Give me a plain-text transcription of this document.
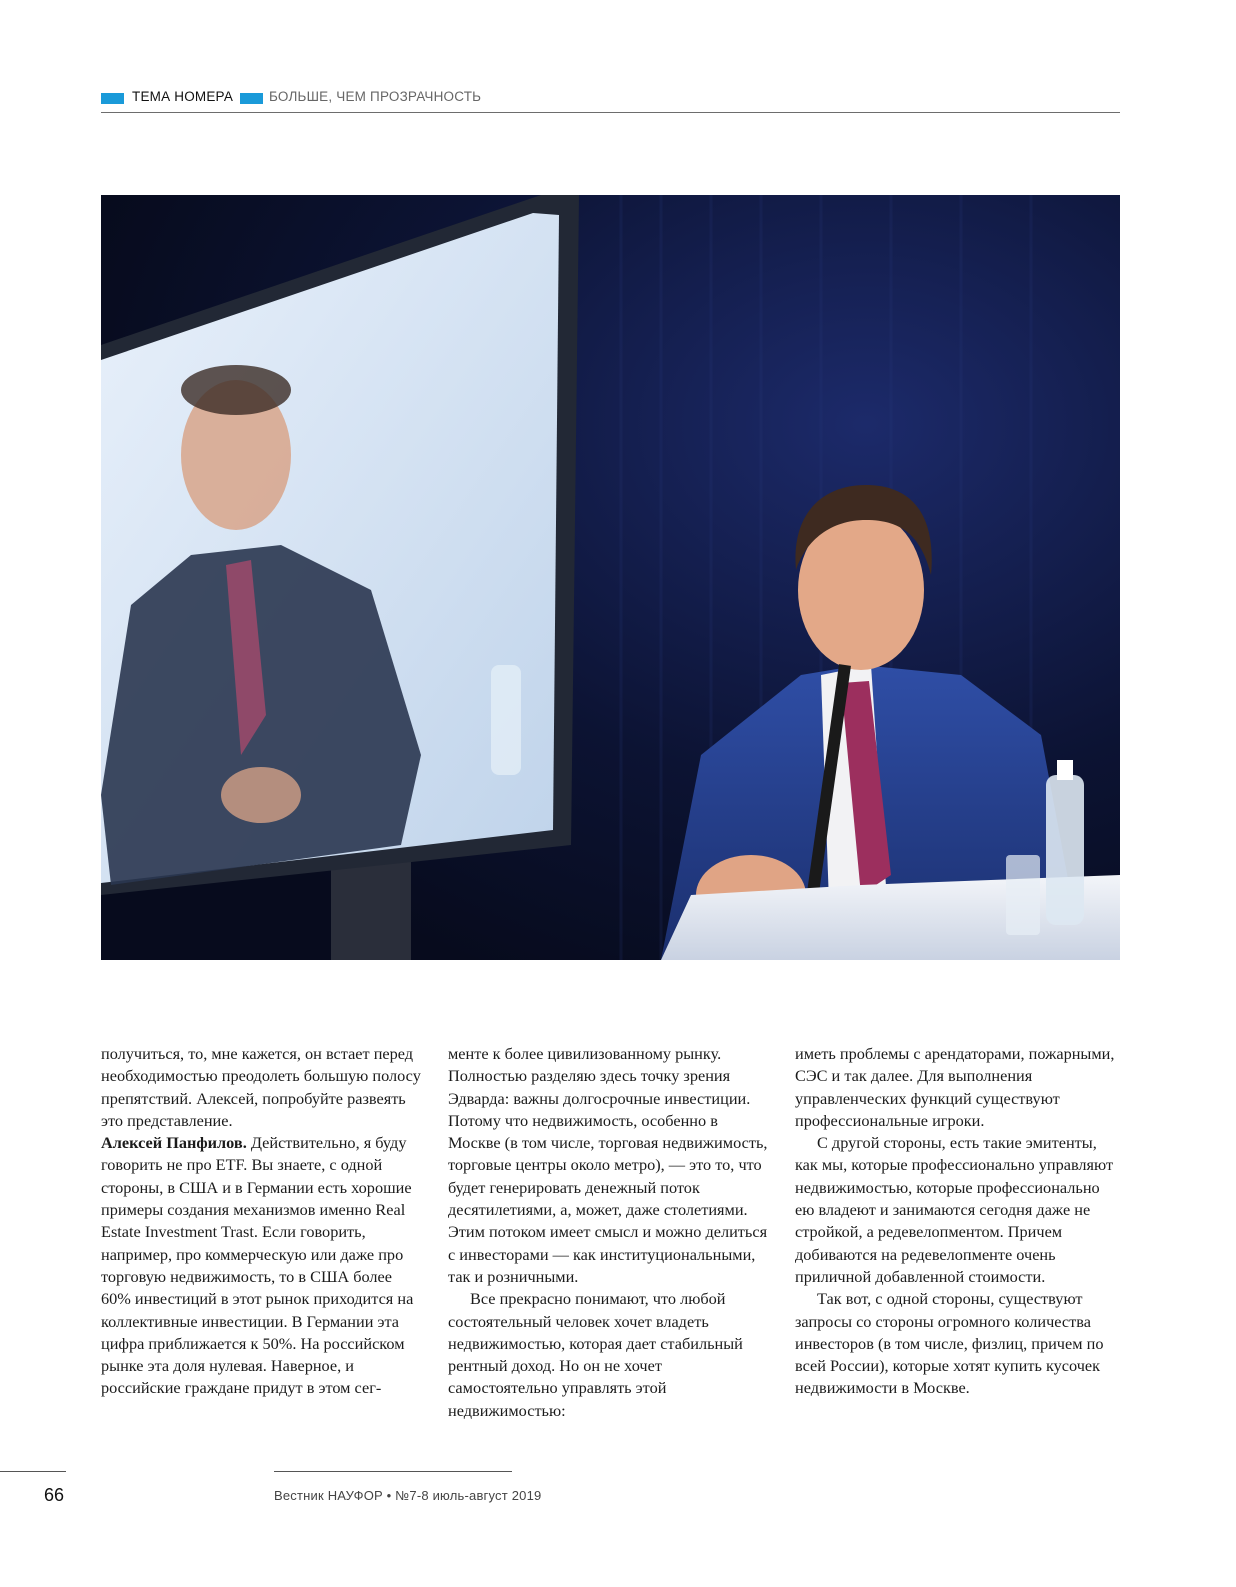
ТЕМА НОМЕРА	БОЛЬШЕ, ЧЕМ ПРОЗРАЧНОСТЬ

получиться, то, мне кажется, он встает перед необходимостью преодолеть большую полосу препятствий. Алексей, попробуйте развеять это представление.

Алексей Панфилов. Действительно, я буду говорить не про ETF. Вы знаете, с одной стороны, в США и в Германии есть хорошие примеры создания механизмов именно Real Estate Investment Trast. Если говорить, например, про коммерческую или даже про торговую недвижимость, то в США более 60% инвестиций в этот рынок приходится на коллективные инвестиции. В Германии эта цифра приближается к 50%. На российском рынке эта доля нулевая. Наверное, и российские граждане придут в этом сег-

менте к более цивилизованному рынку. Полностью разделяю здесь точку зрения Эдварда: важны долгосрочные инвестиции. Потому что недвижимость, особенно в Москве (в том числе, торговая недвижимость, торговые центры около метро), — это то, что будет генерировать денежный поток десятилетиями, а, может, даже столетиями. Этим потоком имеет смысл и можно делиться с инвесторами — как институциональными, так и розничными.

Все прекрасно понимают, что любой состоятельный человек хочет владеть недвижимостью, которая дает стабильный рентный доход. Но он не хочет самостоятельно управлять этой недвижимостью:

иметь проблемы с арендаторами, пожарными, СЭС и так далее. Для выполнения управленческих функций существуют профессиональные игроки.

С другой стороны, есть такие эмитенты, как мы, которые профессионально управляют недвижимостью, которые профессионально ею владеют и занимаются сегодня даже не стройкой, а редевелопментом. Причем добиваются на редевелопменте очень приличной добавленной стоимости.

Так вот, с одной стороны, существуют запросы со стороны огромного количества инвесторов (в том числе, физлиц, причем по всей России), которые хотят купить кусочек недвижимости в Москве.

66	Вестник НАУФОР • №7-8 июль-август 2019
